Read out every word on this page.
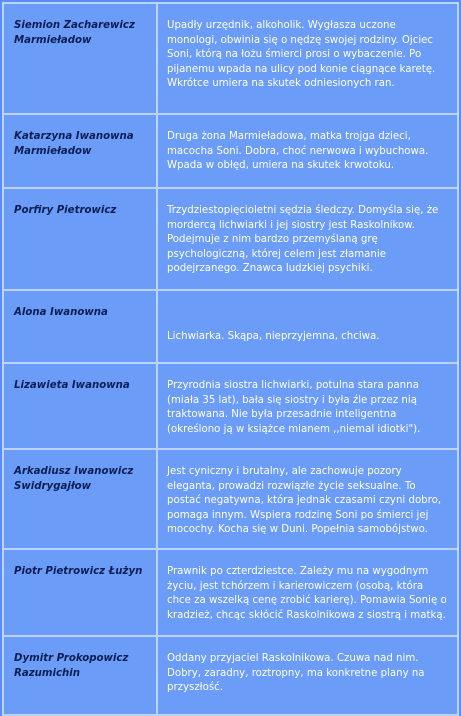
Siemion Zacharewicz Marmieładow	Upadły urzędnik, alkoholik. Wygłasza uczone monologi, obwinia się o nędzę swojej rodziny. Ojciec Soni, którą na łożu śmierci prosi o wybaczenie. Po pijanemu wpada na ulicy pod konie ciągnące karetę. Wkrótce umiera na skutek odniesionych ran.
Katarzyna Iwanowna Marmieładow	Druga żona Marmieładowa, matka trojga dzieci, macocha Soni. Dobra, choć nerwowa i wybuchowa. Wpada w obłęd, umiera na skutek krwotoku.
Porfiry Pietrowicz	Trzydziestopięcioletni sędzia śledczy. Domyśla się, że mordercą lichwiarki i jej siostry jest Raskolnikow. Podejmuje z nim bardzo przemyślaną grę psychologiczną, której celem jest złamanie podejrzanego. Znawca ludzkiej psychiki.
Alona Iwanowna	Lichwiarka. Skąpa, nieprzyjemna, chciwa.
Lizawieta Iwanowna	Przyrodnia siostra lichwiarki, potulna stara panna (miała 35 lat), bała się siostry i była źle przez nią traktowana. Nie była przesadnie inteligentna (określono ją w książce mianem ,,niemal idiotki").
Arkadiusz Iwanowicz Swidrygajłow	Jest cyniczny i brutalny, ale zachowuje pozory eleganta, prowadzi rozwiązłe życie seksualne. To postać negatywna, która jednak czasami czyni dobro, pomaga innym. Wspiera rodzinę Soni po śmierci jej mocochy. Kocha się w Duni. Popełnia samobójstwo.
Piotr Pietrowicz Łużyn	Prawnik po czterdziestce. Zależy mu na wygodnym życiu, jest tchórzem i karierowiczem (osobą, która chce za wszelką cenę zrobić karierę). Pomawia Sonię o kradzież, chcąc skłócić Raskolnikowa z siostrą i matką.
Dymitr Prokopowicz Razumichin	Oddany przyjaciel Raskolnikowa. Czuwa nad nim. Dobry, zaradny, roztropny, ma konkretne plany na przyszłość.
